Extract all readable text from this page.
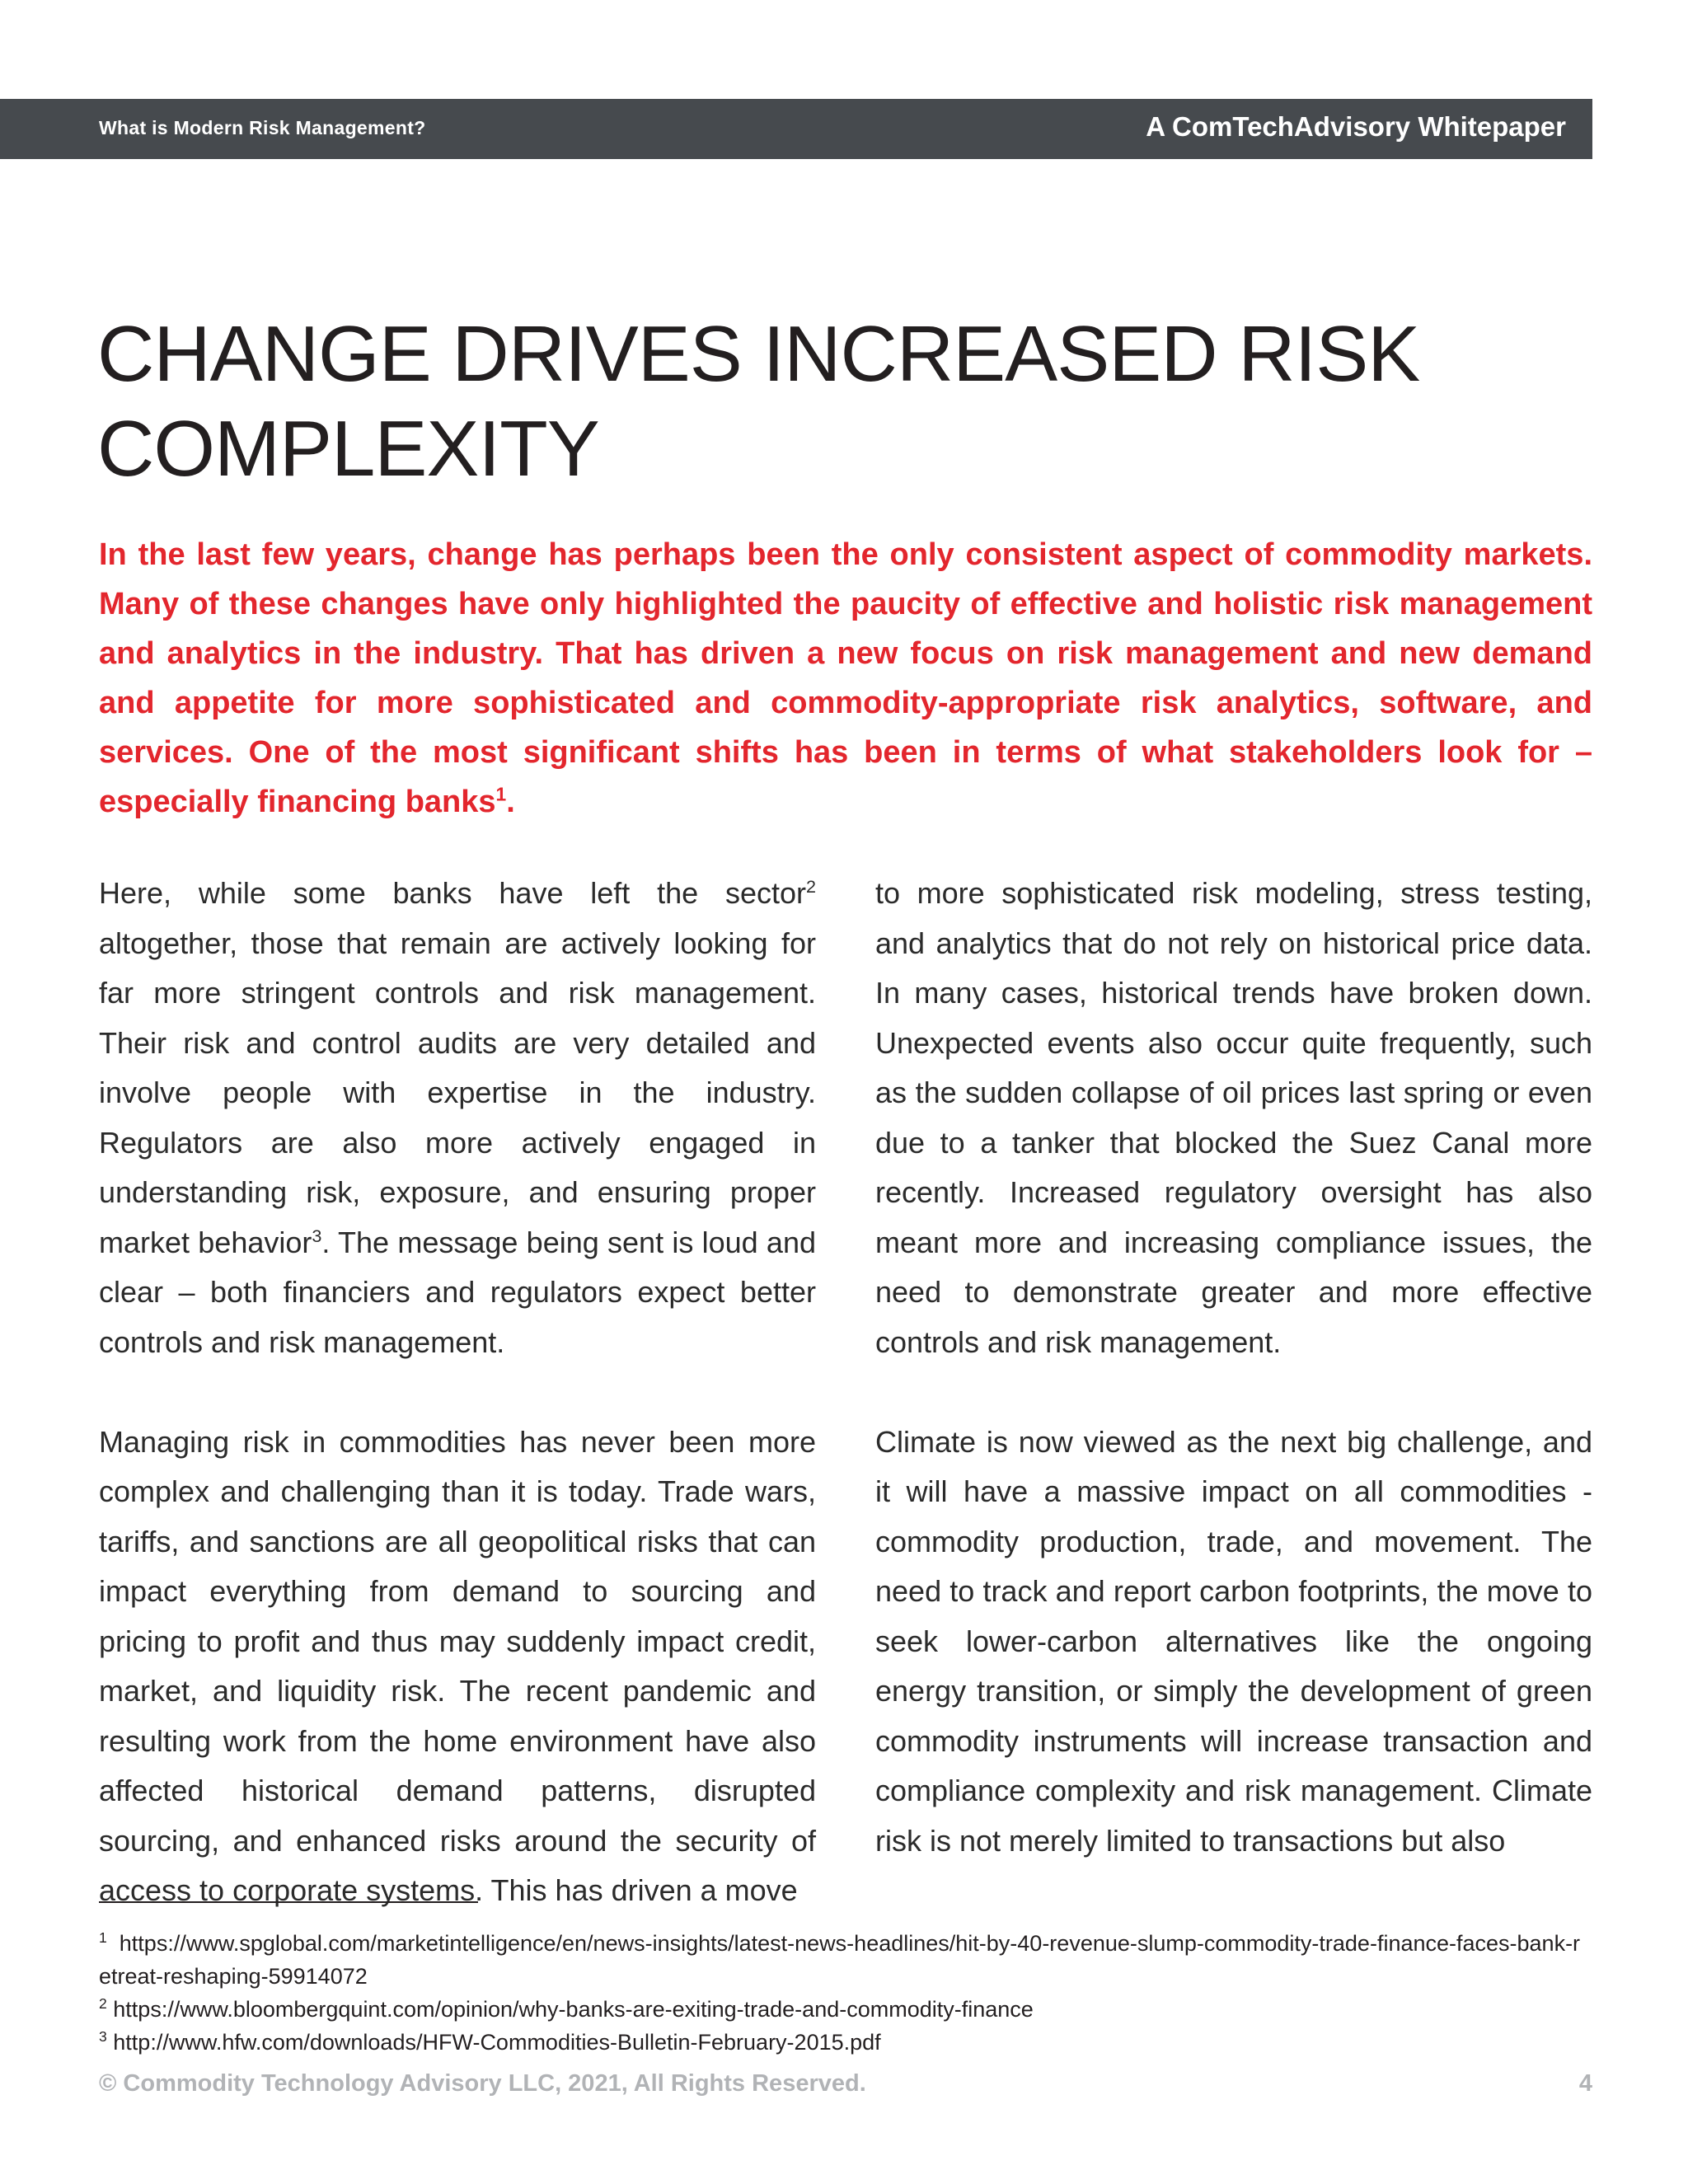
What is Modern Risk Management?	A ComTechAdvisory Whitepaper
CHANGE DRIVES INCREASED RISK COMPLEXITY

In the last few years, change has perhaps been the only consistent aspect of commodity markets. Many of these changes have only highlighted the paucity of effective and holistic risk management and analytics in the industry. That has driven a new focus on risk management and new demand and appetite for more sophisticated and commodity-appropriate risk analytics, software, and services. One of the most significant shifts has been in terms of what stakeholders look for – especially financing banks$^1$.

Here, while some banks have left the sector$^2$ altogether, those that remain are actively looking for far more stringent controls and risk management. Their risk and control audits are very detailed and involve people with expertise in the industry. Regulators are also more actively engaged in understanding risk, exposure, and ensuring proper market behavior$^3$. The message being sent is loud and clear – both financiers and regulators expect better controls and risk management.

Managing risk in commodities has never been more complex and challenging than it is today. Trade wars, tariffs, and sanctions are all geopolitical risks that can impact everything from demand to sourcing and pricing to profit and thus may suddenly impact credit, market, and liquidity risk. The recent pandemic and resulting work from the home environment have also affected historical demand patterns, disrupted sourcing, and enhanced risks around the security of access to corporate systems. This has driven a move

to more sophisticated risk modeling, stress testing, and analytics that do not rely on historical price data. In many cases, historical trends have broken down. Unexpected events also occur quite frequently, such as the sudden collapse of oil prices last spring or even due to a tanker that blocked the Suez Canal more recently. Increased regulatory oversight has also meant more and increasing compliance issues, the need to demonstrate greater and more effective controls and risk management.

Climate is now viewed as the next big challenge, and it will have a massive impact on all commodities - commodity production, trade, and movement. The need to track and report carbon footprints, the move to seek lower-carbon alternatives like the ongoing energy transition, or simply the development of green commodity instruments will increase transaction and compliance complexity and risk management. Climate risk is not merely limited to transactions but also

$^1$ https://www.spglobal.com/marketintelligence/en/news-insights/latest-news-headlines/hit-by-40-revenue-slump-commodity-trade-finance-faces-bank-retreat-reshaping-59914072

$^2$ https://www.bloombergquint.com/opinion/why-banks-are-exiting-trade-and-commodity-finance

$^3$ http://www.hfw.com/downloads/HFW-Commodities-Bulletin-February-2015.pdf

© Commodity Technology Advisory LLC, 2021, All Rights Reserved.	4
